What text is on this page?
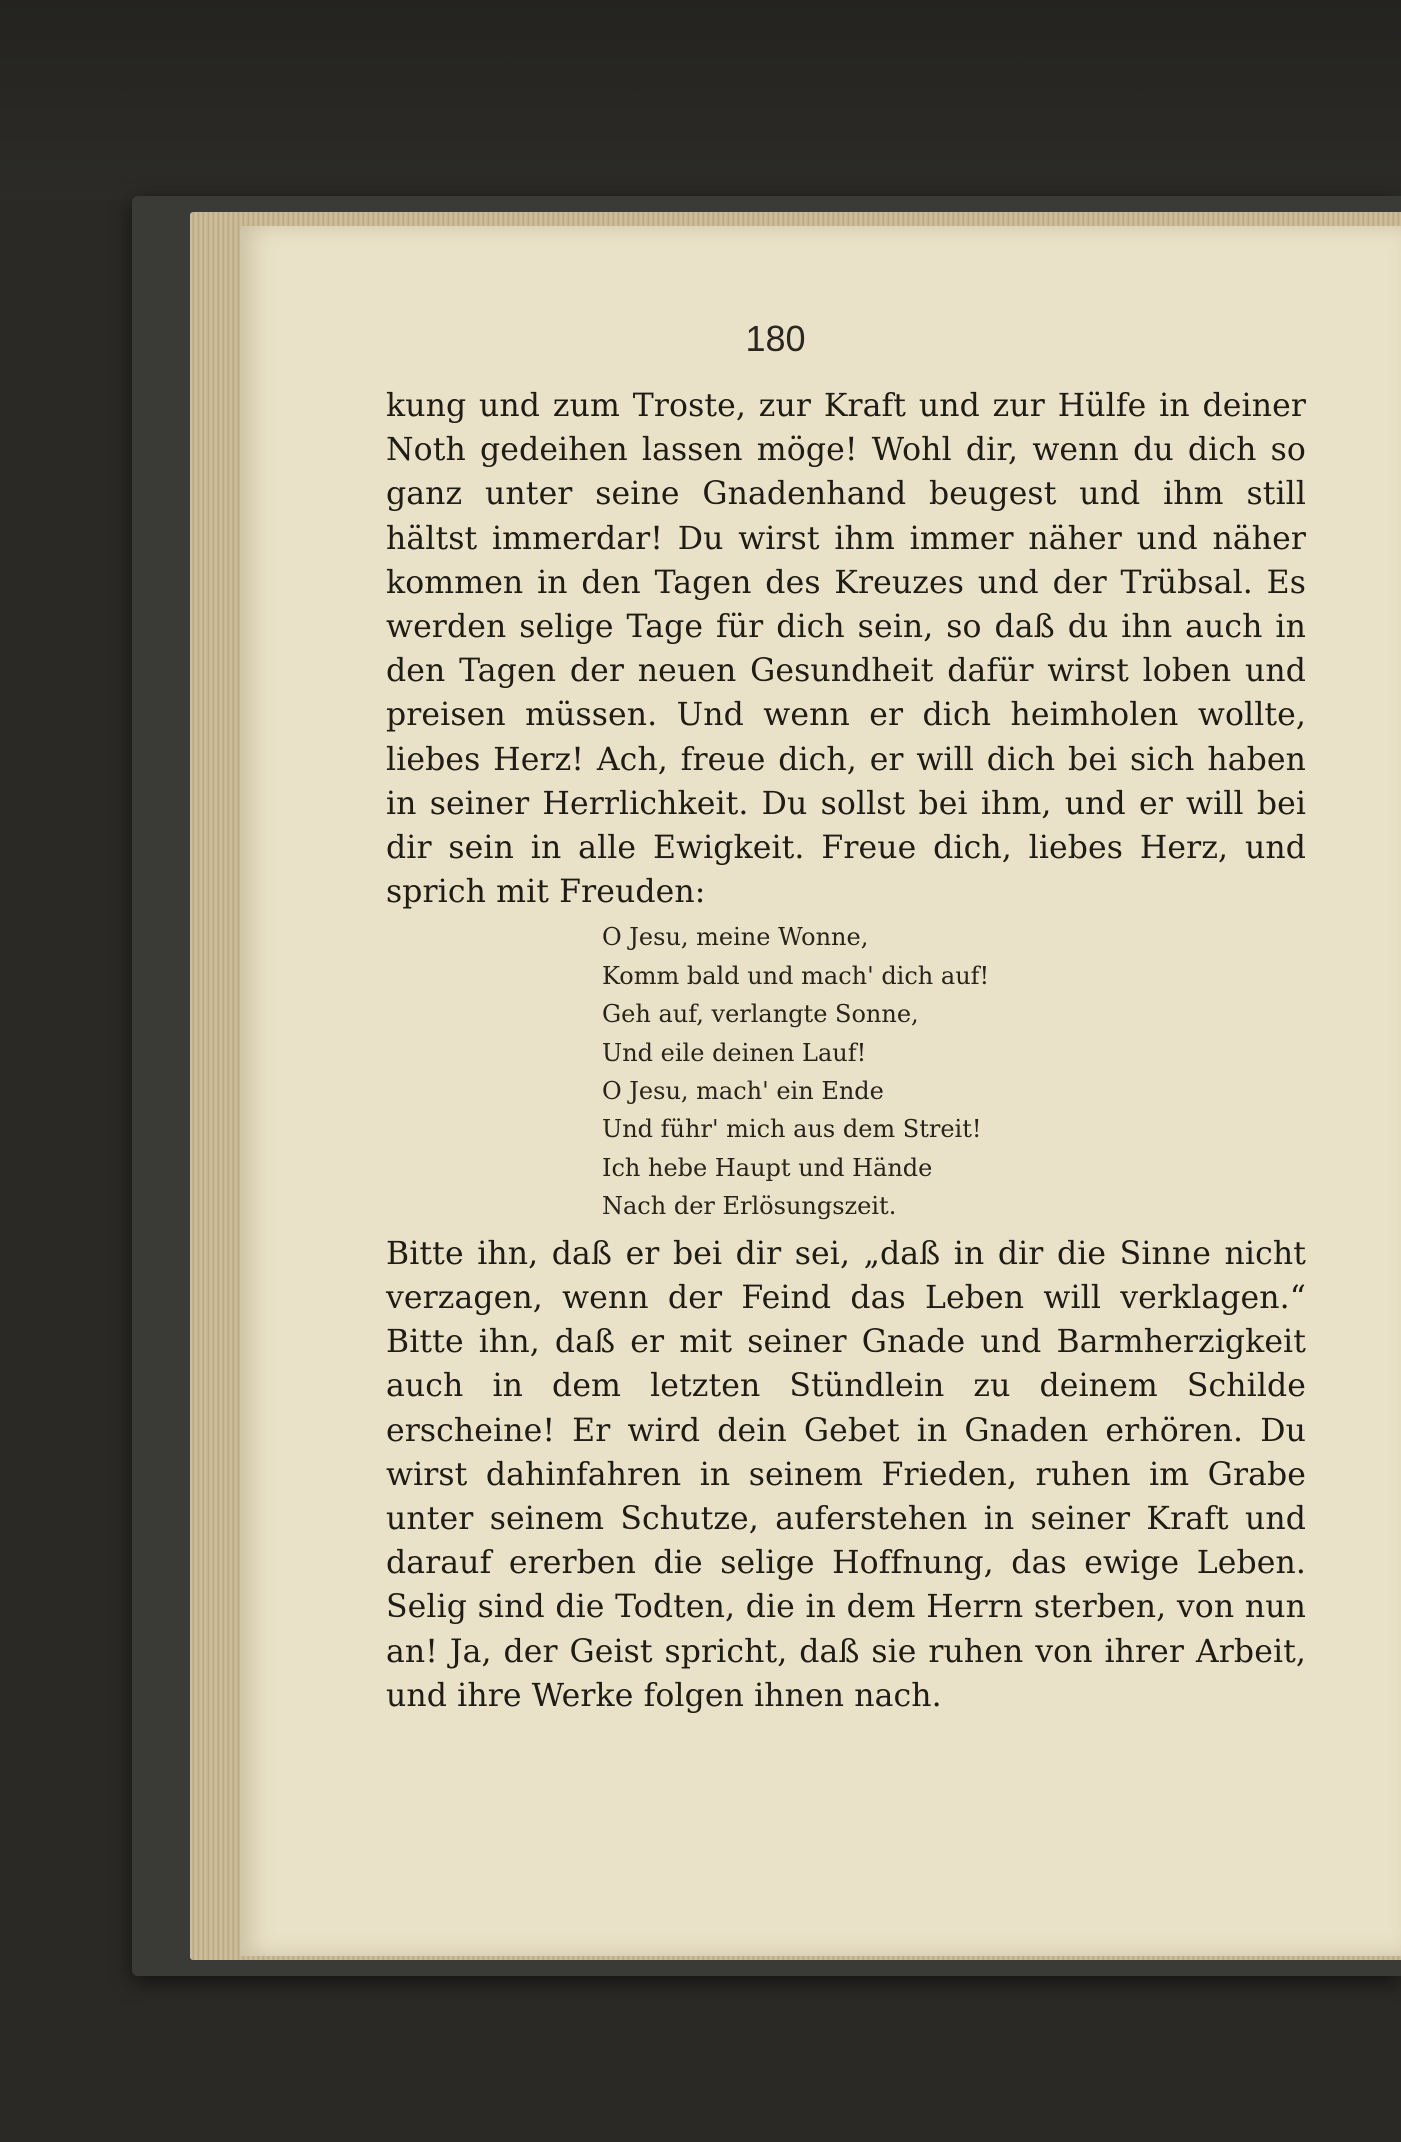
180

kung und zum Troste, zur Kraft und zur Hülfe in deiner Noth gedeihen lassen möge! Wohl dir, wenn du dich so ganz unter seine Gnadenhand beugest und ihm still hältst immerdar! Du wirst ihm immer näher und näher kommen in den Tagen des Kreuzes und der Trübsal. Es werden selige Tage für dich sein, so daß du ihn auch in den Tagen der neuen Gesundheit dafür wirst loben und preisen müssen. Und wenn er dich heimholen wollte, liebes Herz! Ach, freue dich, er will dich bei sich haben in seiner Herrlichkeit. Du sollst bei ihm, und er will bei dir sein in alle Ewigkeit. Freue dich, liebes Herz, und sprich mit Freuden:

O Jesu, meine Wonne,
Komm bald und mach' dich auf!
Geh auf, verlangte Sonne,
Und eile deinen Lauf!
O Jesu, mach' ein Ende
Und führ' mich aus dem Streit!
Ich hebe Haupt und Hände
Nach der Erlösungszeit.

Bitte ihn, daß er bei dir sei, „daß in dir die Sinne nicht verzagen, wenn der Feind das Leben will verklagen.“ Bitte ihn, daß er mit seiner Gnade und Barmherzigkeit auch in dem letzten Stündlein zu deinem Schilde erscheine! Er wird dein Gebet in Gnaden erhören. Du wirst dahinfahren in seinem Frieden, ruhen im Grabe unter seinem Schutze, auferstehen in seiner Kraft und darauf ererben die selige Hoffnung, das ewige Leben. Selig sind die Todten, die in dem Herrn sterben, von nun an! Ja, der Geist spricht, daß sie ruhen von ihrer Arbeit, und ihre Werke folgen ihnen nach.
